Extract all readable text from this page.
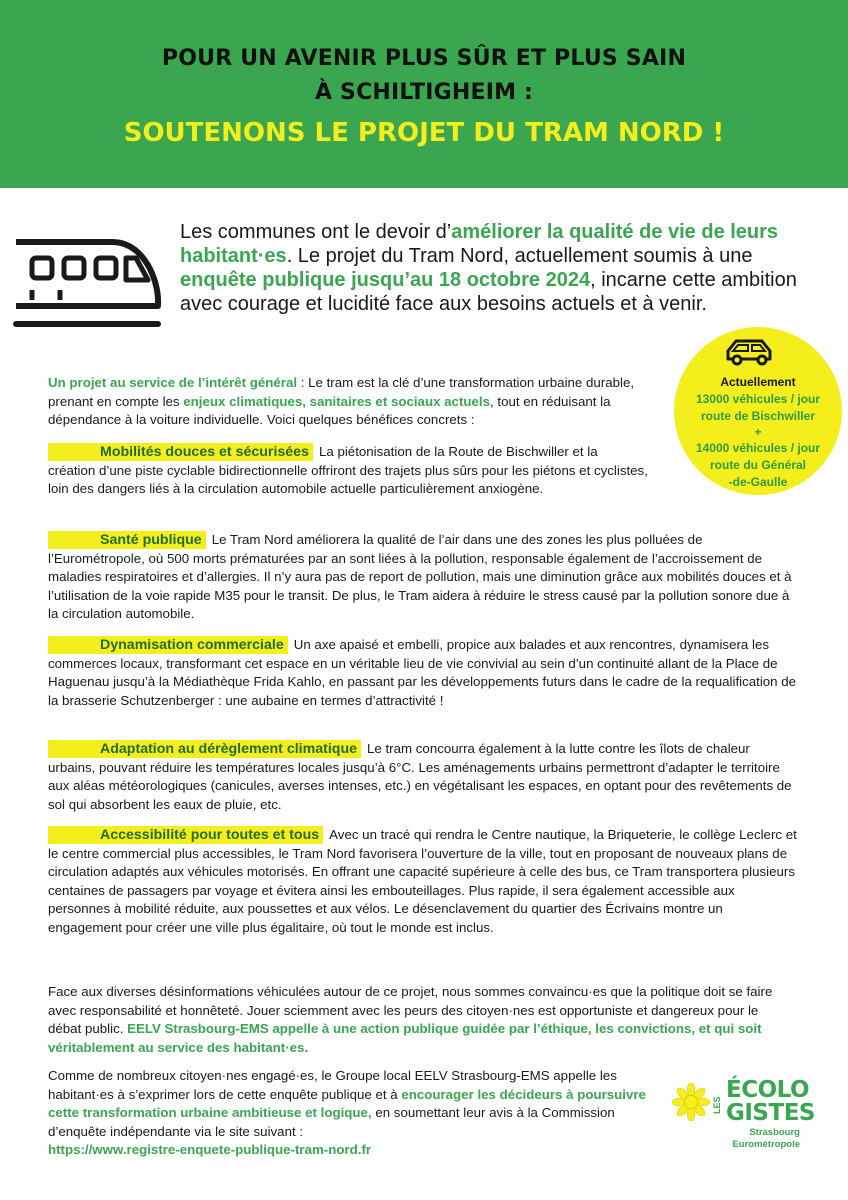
POUR UN AVENIR PLUS SÛR ET PLUS SAIN
À SCHILTIGHEIM :
SOUTENONS LE PROJET DU TRAM NORD !
Les communes ont le devoir d’améliorer la qualité de vie de leurs habitant·es. Le projet du Tram Nord, actuellement soumis à une enquête publique jusqu’au 18 octobre 2024, incarne cette ambition avec courage et lucidité face aux besoins actuels et à venir.
Actuellement
13000 véhicules / jour
route de Bischwiller
+
14000 véhicules / jour
route du Général
-de-Gaulle
Un projet au service de l’intérêt général : Le tram est la clé d’une transformation urbaine durable, prenant en compte les enjeux climatiques, sanitaires et sociaux actuels, tout en réduisant la dépendance à la voiture individuelle. Voici quelques bénéfices concrets :
Mobilités douces et sécurisées La piétonisation de la Route de Bischwiller et la création d’une piste cyclable bidirectionnelle offriront des trajets plus sûrs pour les piétons et cyclistes, loin des dangers liés à la circulation automobile actuelle particulièrement anxiogène.
Santé publique Le Tram Nord améliorera la qualité de l’air dans une des zones les plus polluées de l’Eurométropole, où 500 morts prématurées par an sont liées à la pollution, responsable également de l’accroissement de maladies respiratoires et d’allergies. Il n’y aura pas de report de pollution, mais une diminution grâce aux mobilités douces et à l’utilisation de la voie rapide M35 pour le transit. De plus, le Tram aidera à réduire le stress causé par la pollution sonore due à la circulation automobile.
Dynamisation commerciale Un axe apaisé et embelli, propice aux balades et aux rencontres, dynamisera les commerces locaux, transformant cet espace en un véritable lieu de vie convivial au sein d’un continuité allant de la Place de Haguenau jusqu’à la Médiathèque Frida Kahlo, en passant par les développements futurs dans le cadre de la requalification de la brasserie Schutzenberger : une aubaine en termes d’attractivité !
Adaptation au dérèglement climatique Le tram concourra également à la lutte contre les îlots de chaleur urbains, pouvant réduire les températures locales jusqu’à 6°C. Les aménagements urbains permettront d’adapter le territoire aux aléas météorologiques (canicules, averses intenses, etc.) en végétalisant les espaces, en optant pour des revêtements de sol qui absorbent les eaux de pluie, etc.
Accessibilité pour toutes et tous Avec un tracé qui rendra le Centre nautique, la Briqueterie, le collège Leclerc et le centre commercial plus accessibles, le Tram Nord favorisera l’ouverture de la ville, tout en proposant de nouveaux plans de circulation adaptés aux véhicules motorisés. En offrant une capacité supérieure à celle des bus, ce Tram transportera plusieurs centaines de passagers par voyage et évitera ainsi les embouteillages. Plus rapide, il sera également accessible aux personnes à mobilité réduite, aux poussettes et aux vélos. Le désenclavement du quartier des Écrivains montre un engagement pour créer une ville plus égalitaire, où tout le monde est inclus.
Face aux diverses désinformations véhiculées autour de ce projet, nous sommes convaincu·es que la politique doit se faire avec responsabilité et honnêteté. Jouer sciemment avec les peurs des citoyen·nes est opportuniste et dangereux pour le débat public. EELV Strasbourg-EMS appelle à une action publique guidée par l’éthique, les convictions, et qui soit véritablement au service des habitant·es.
Comme de nombreux citoyen·nes engagé·es, le Groupe local EELV Strasbourg-EMS appelle les habitant·es à s’exprimer lors de cette enquête publique et à encourager les décideurs à poursuivre cette transformation urbaine ambitieuse et logique, en soumettant leur avis à la Commission d’enquête indépendante via le site suivant :
https://www.registre-enquete-publique-tram-nord.fr
LES
ÉCOLO
GISTES
Strasbourg
Eurométropole
